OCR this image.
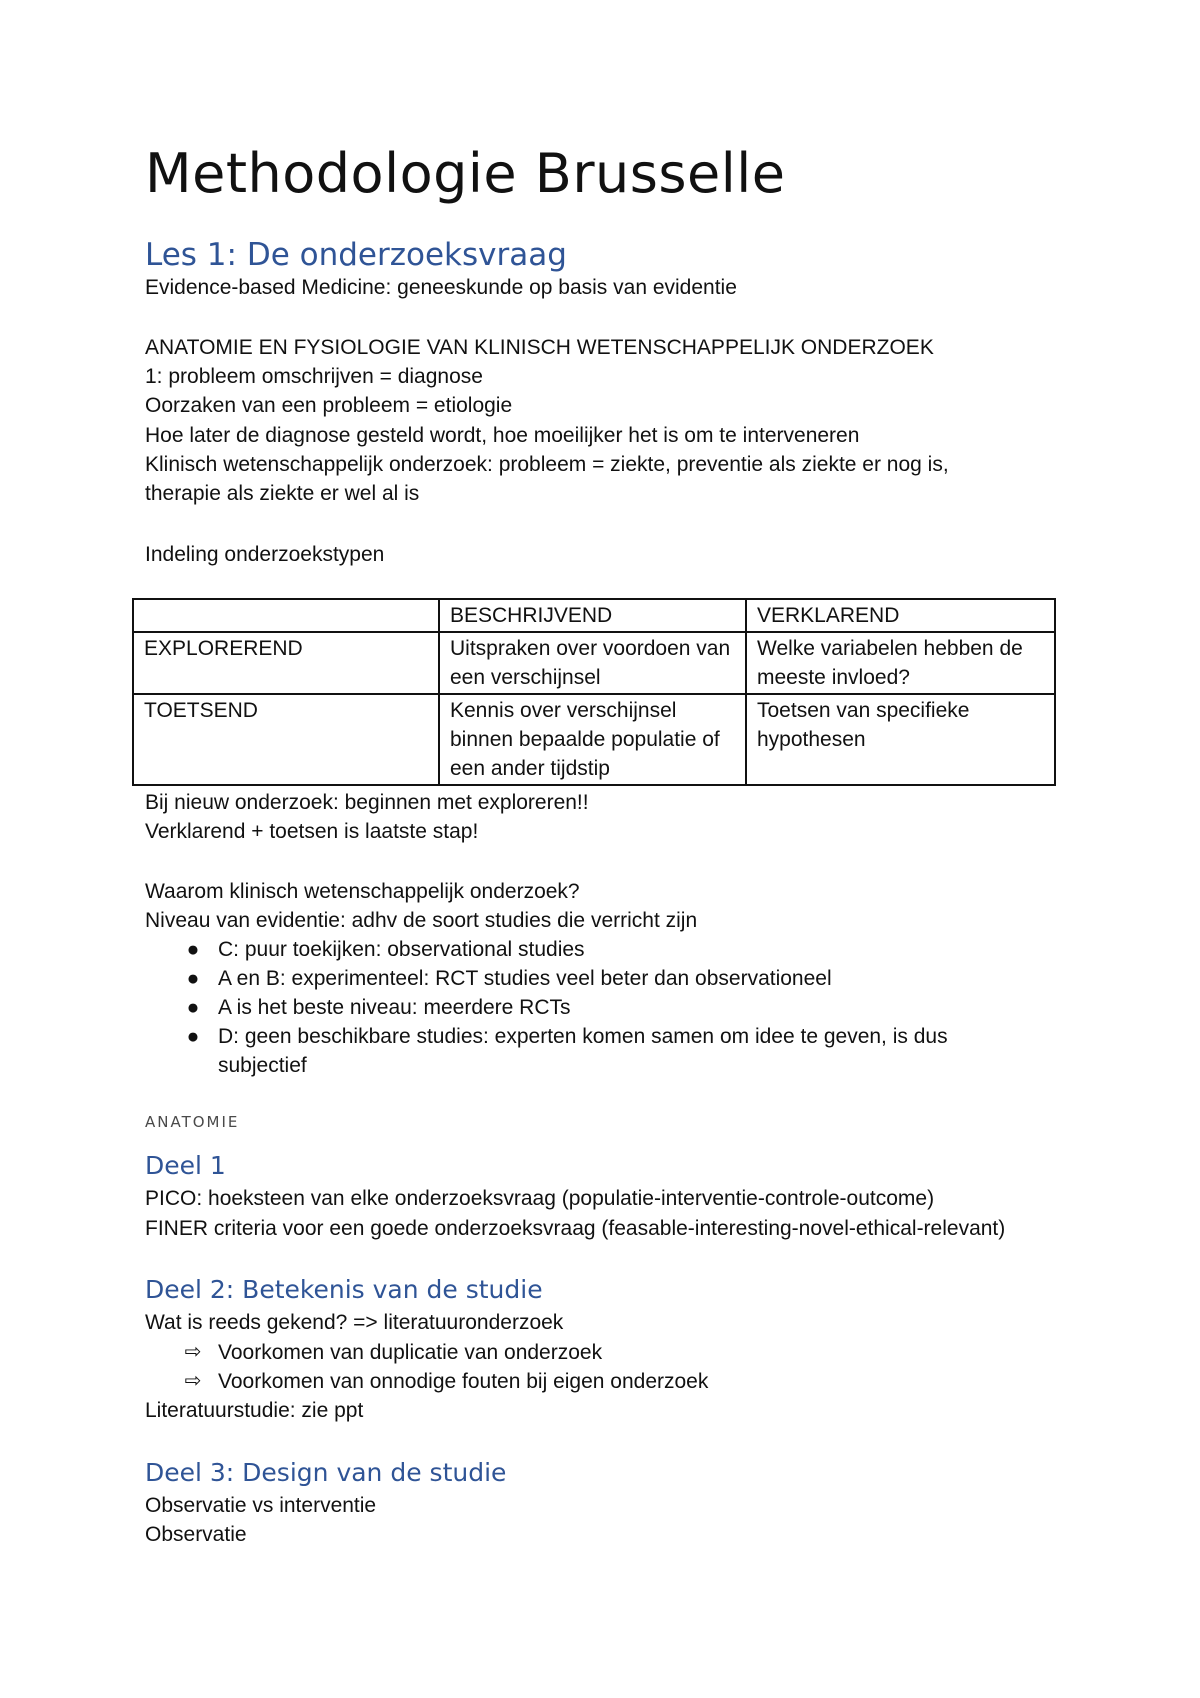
Methodologie Brusselle
Les 1: De onderzoeksvraag
Evidence-based Medicine: geneeskunde op basis van evidentie
ANATOMIE EN FYSIOLOGIE VAN KLINISCH WETENSCHAPPELIJK ONDERZOEK
1: probleem omschrijven = diagnose
Oorzaken van een probleem = etiologie
Hoe later de diagnose gesteld wordt, hoe moeilijker het is om te interveneren
Klinisch wetenschappelijk onderzoek: probleem = ziekte, preventie als ziekte er nog is,
therapie als ziekte er wel al is
Indeling onderzoekstypen
	BESCHRIJVEND	VERKLAREND
EXPLOREREND	Uitspraken over voordoen van een verschijnsel	Welke variabelen hebben de meeste invloed?
TOETSEND	Kennis over verschijnsel binnen bepaalde populatie of een ander tijdstip	Toetsen van specifieke hypothesen
Bij nieuw onderzoek: beginnen met exploreren!!
Verklarend + toetsen is laatste stap!
Waarom klinisch wetenschappelijk onderzoek?
Niveau van evidentie: adhv de soort studies die verricht zijn
● C: puur toekijken: observational studies
● A en B: experimenteel: RCT studies veel beter dan observationeel
● A is het beste niveau: meerdere RCTs
● D: geen beschikbare studies: experten komen samen om idee te geven, is dus
subjectief
ANATOMIE
Deel 1
PICO: hoeksteen van elke onderzoeksvraag (populatie-interventie-controle-outcome)
FINER criteria voor een goede onderzoeksvraag (feasable-interesting-novel-ethical-relevant)
Deel 2: Betekenis van de studie
Wat is reeds gekend? => literatuuronderzoek
⇨ Voorkomen van duplicatie van onderzoek
⇨ Voorkomen van onnodige fouten bij eigen onderzoek
Literatuurstudie: zie ppt
Deel 3: Design van de studie
Observatie vs interventie
Observatie
